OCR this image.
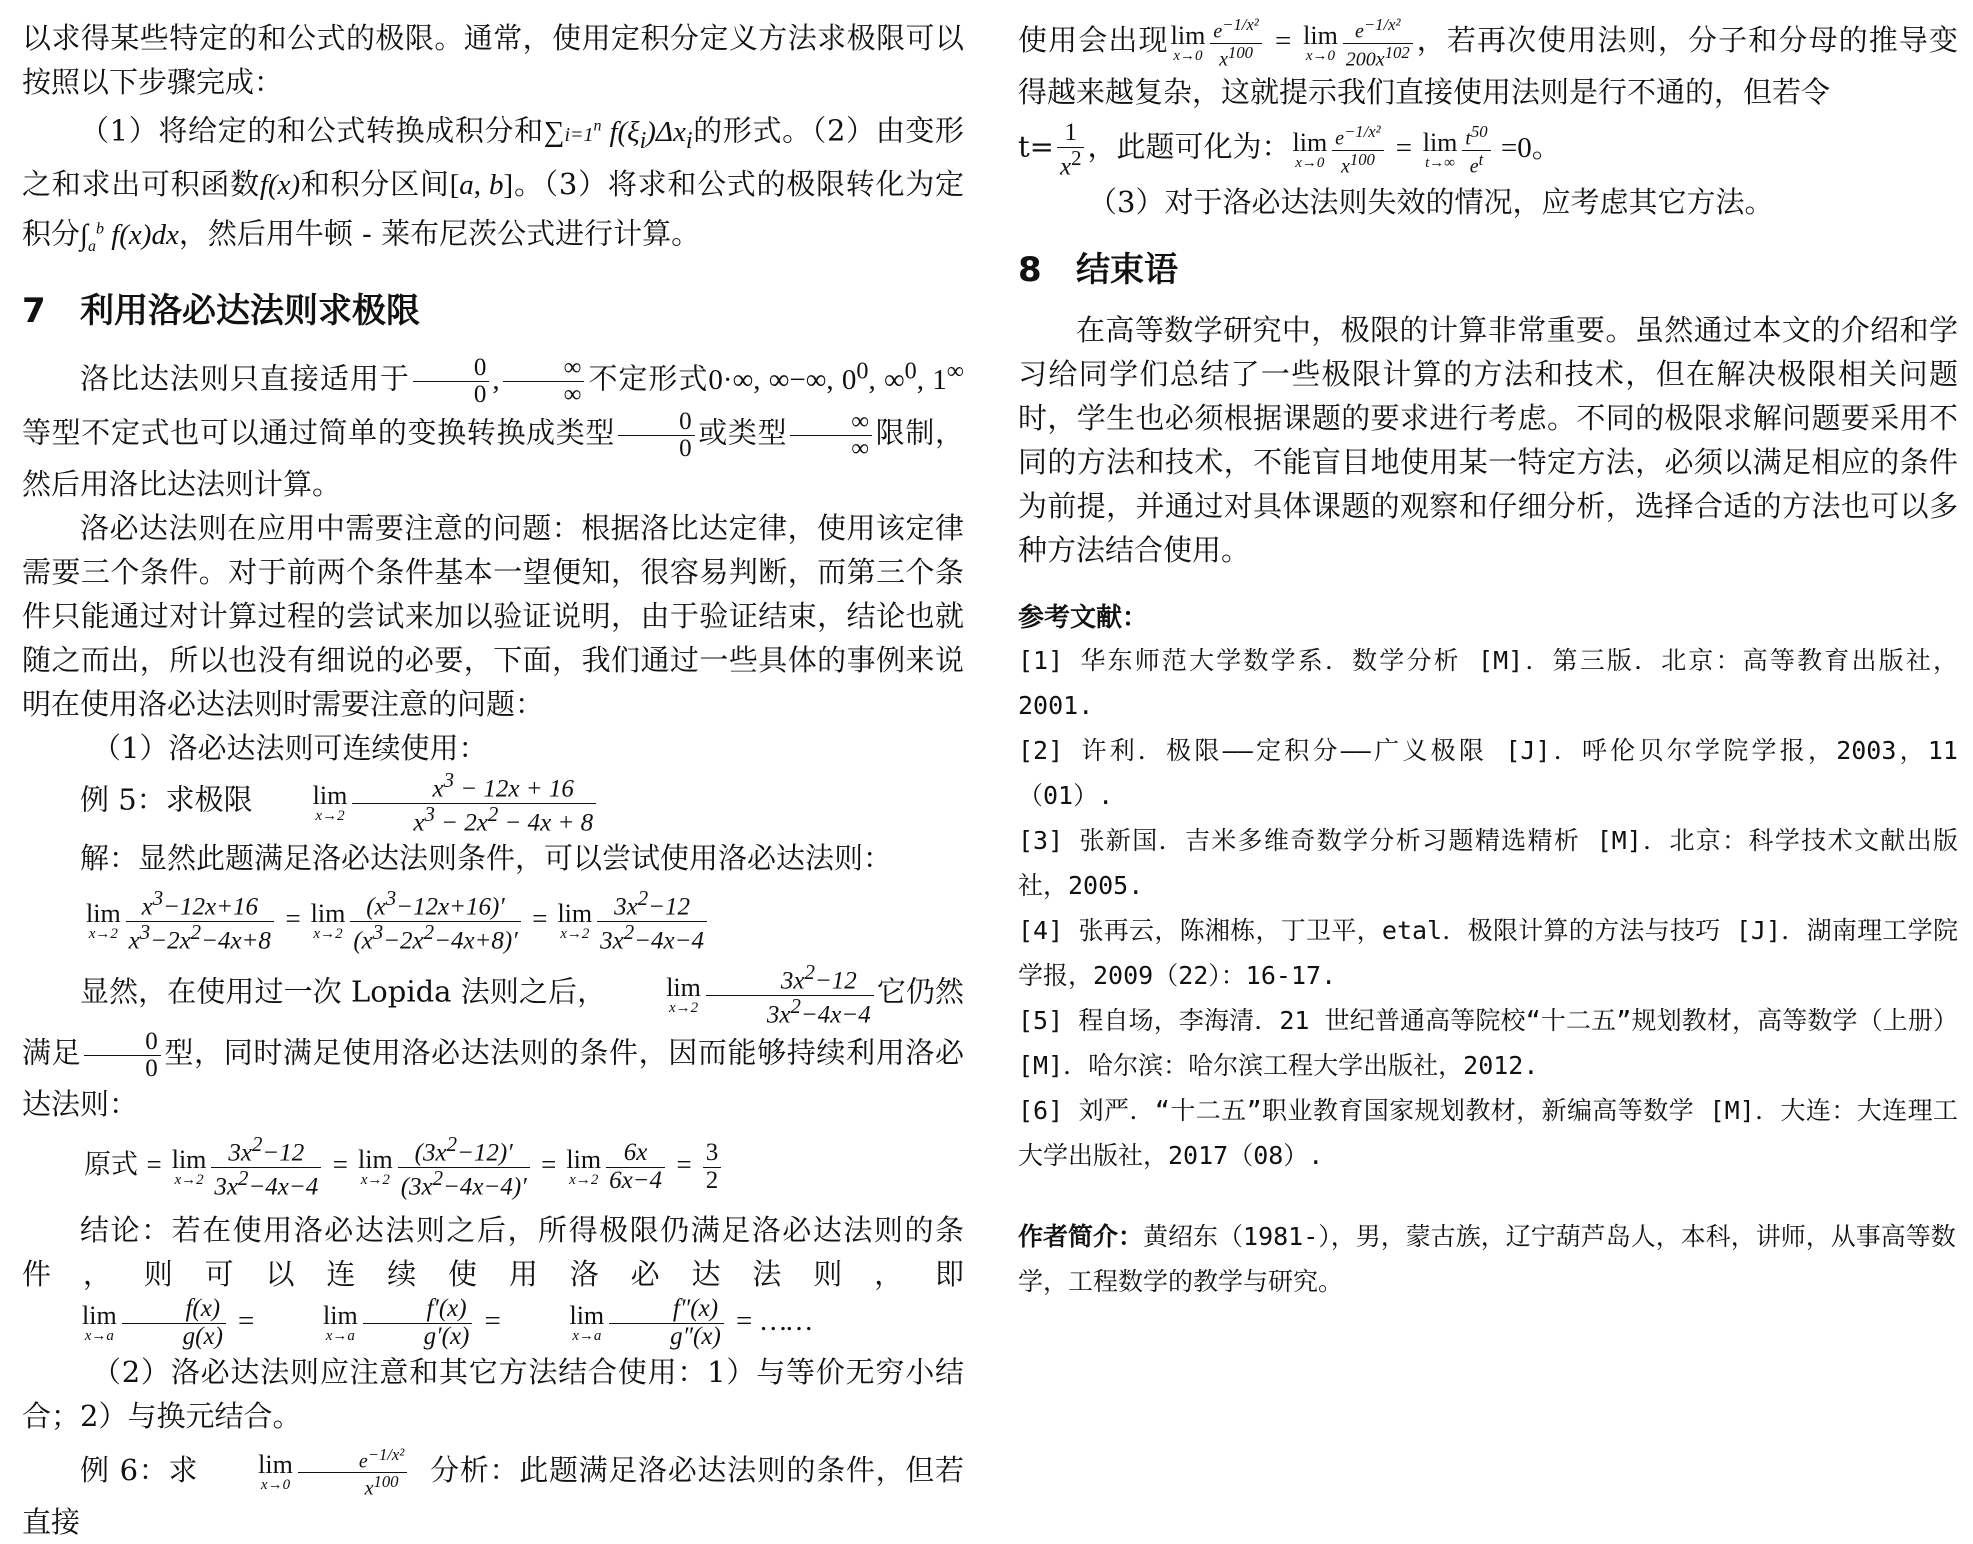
以求得某些特定的和公式的极限。通常，使用定积分定义方法求极限可以按照以下步骤完成：

（1）将给定的和公式转换成积分和$\sum i=1^n$ $f(\xi_i)\Delta x_i$的形式。（2）由变形之和求出可积函数f(x)和积分区间[a, b]。（3）将求和公式的极限转化为定积分$\int_a^b$ f(x)dx，然后用牛顿 - 莱布尼茨公式进行计算。

7 利用洛必达法则求极限

洛比达法则只直接适用于 $\frac{0}{0}$ , $\frac{\infty}{\infty}$ 不定形式0·∞, ∞−∞, $0^0$, ∞$^0$, 1∞等型不定式也可以通过简单的变换转换成类型 $\frac{0}{0}$ 或类型 $\frac{\infty}{\infty}$ 限制，然后用洛比达法则计算。

洛必达法则在应用中需要注意的问题：根据洛比达定律，使用该定律需要三个条件。对于前两个条件基本一望便知，很容易判断，而第三个条件只能通过对计算过程的尝试来加以验证说明，由于验证结束，结论也就随之而出，所以也没有细说的必要，下面，我们通过一些具体的事例来说明在使用洛必达法则时需要注意的问题：

（1）洛必达法则可连续使用：

例 5：求极限	lim
$x\to 2 \frac{x^3 - 12x + 16}{x^3 - 2x^2 - 4x + 8}$

解：显然此题满足洛必达法则条件，可以尝试使用洛必达法则：

lim
$x\to 2 \frac{x^3-12x+16}{x^3-2x^2-4x+8} = \lim$
$x\to 2 \frac{(x^3-12x+16)'}{(x^3-2x^2-4x+8)'} = \lim$
$x\to 2 \frac{3x^2-12}{3x^2-4x-4}$

显然，在使用过一次 Lopida 法则之后，	lim
$x\to 2 \frac{3x^2-12}{3x^2-4x-4}$ 它仍然满足 $\frac{0}{0}$ 型，同时满足使用洛必达法则的条件，因而能够持续利用洛必达法则：

原式 = lim
$x\to 2 \frac{3x^2-12}{3x^2-4x-4} = \lim$
$x\to 2 \frac{(3x^2-12)'}{(3x^2-4x-4)'} = \lim$
$x\to 2 \frac{6x}{6x-4} = \frac{3}{2}$

结论：若在使用洛必达法则之后，所得极限仍满足洛必达法则的条件，则可以连续使用洛必达法则，即
lim
$x\to a \frac{f(x)}{g(x)}$ =	lim
$x\to a \frac{f'(x)}{g'(x)}$ =	lim
$x\to a \frac{f''(x)}{g''(x)}$ = ……

（2）洛必达法则应注意和其它方法结合使用：1）与等价无穷小结合；2）与换元结合。

例 6：求	lim
$x\to 0 \frac{e^{-1/x^2}}{x^{100}}$ 分析：此题满足洛必达法则的条件，但若直接

使用会出现 lim
$x\to 0 \frac{e^{-1/x^2}}{x^{100}} = \lim$
$x\to 0 \frac{e^{-1/x^2}}{200x^{102}}$ ，若再次使用法则，分子和分母的推导变得越来越复杂，这就提示我们直接使用法则是行不通的，但若令

$t= \frac{1}{x^2}$ ，此题可化为： lim
$x\to 0 \frac{e^{-1/x^2}}{x^{100}} = \lim$
$t\to\infty \frac{t^{50}}{e^t} =0$。

（3）对于洛必达法则失效的情况，应考虑其它方法。

8 结束语

在高等数学研究中，极限的计算非常重要。虽然通过本文的介绍和学习给同学们总结了一些极限计算的方法和技术，但在解决极限相关问题时，学生也必须根据课题的要求进行考虑。不同的极限求解问题要采用不同的方法和技术，不能盲目地使用某一特定方法，必须以满足相应的条件为前提，并通过对具体课题的观察和仔细分析，选择合适的方法也可以多种方法结合使用。

参考文献：

[1] 华东师范大学数学系．数学分析 [M]．第三版．北京：高等教育出版社，2001.

[2] 许利．极限——定积分——广义极限 [J]．呼伦贝尔学院学报，2003，11（01）.

[3] 张新国．吉米多维奇数学分析习题精选精析 [M]．北京：科学技术文献出版社，2005.

[4] 张再云，陈湘栋，丁卫平，etal．极限计算的方法与技巧 [J]．湖南理工学院学报，2009（22）：16-17.

[5] 程自场，李海清．21 世纪普通高等院校“十二五”规划教材，高等数学（上册）[M]．哈尔滨：哈尔滨工程大学出版社，2012.

[6] 刘严．“十二五”职业教育国家规划教材，新编高等数学 [M]．大连：大连理工大学出版社，2017（08）.

作者简介：黄绍东（1981-），男，蒙古族，辽宁葫芦岛人，本科，讲师，从事高等数学，工程数学的教学与研究。
